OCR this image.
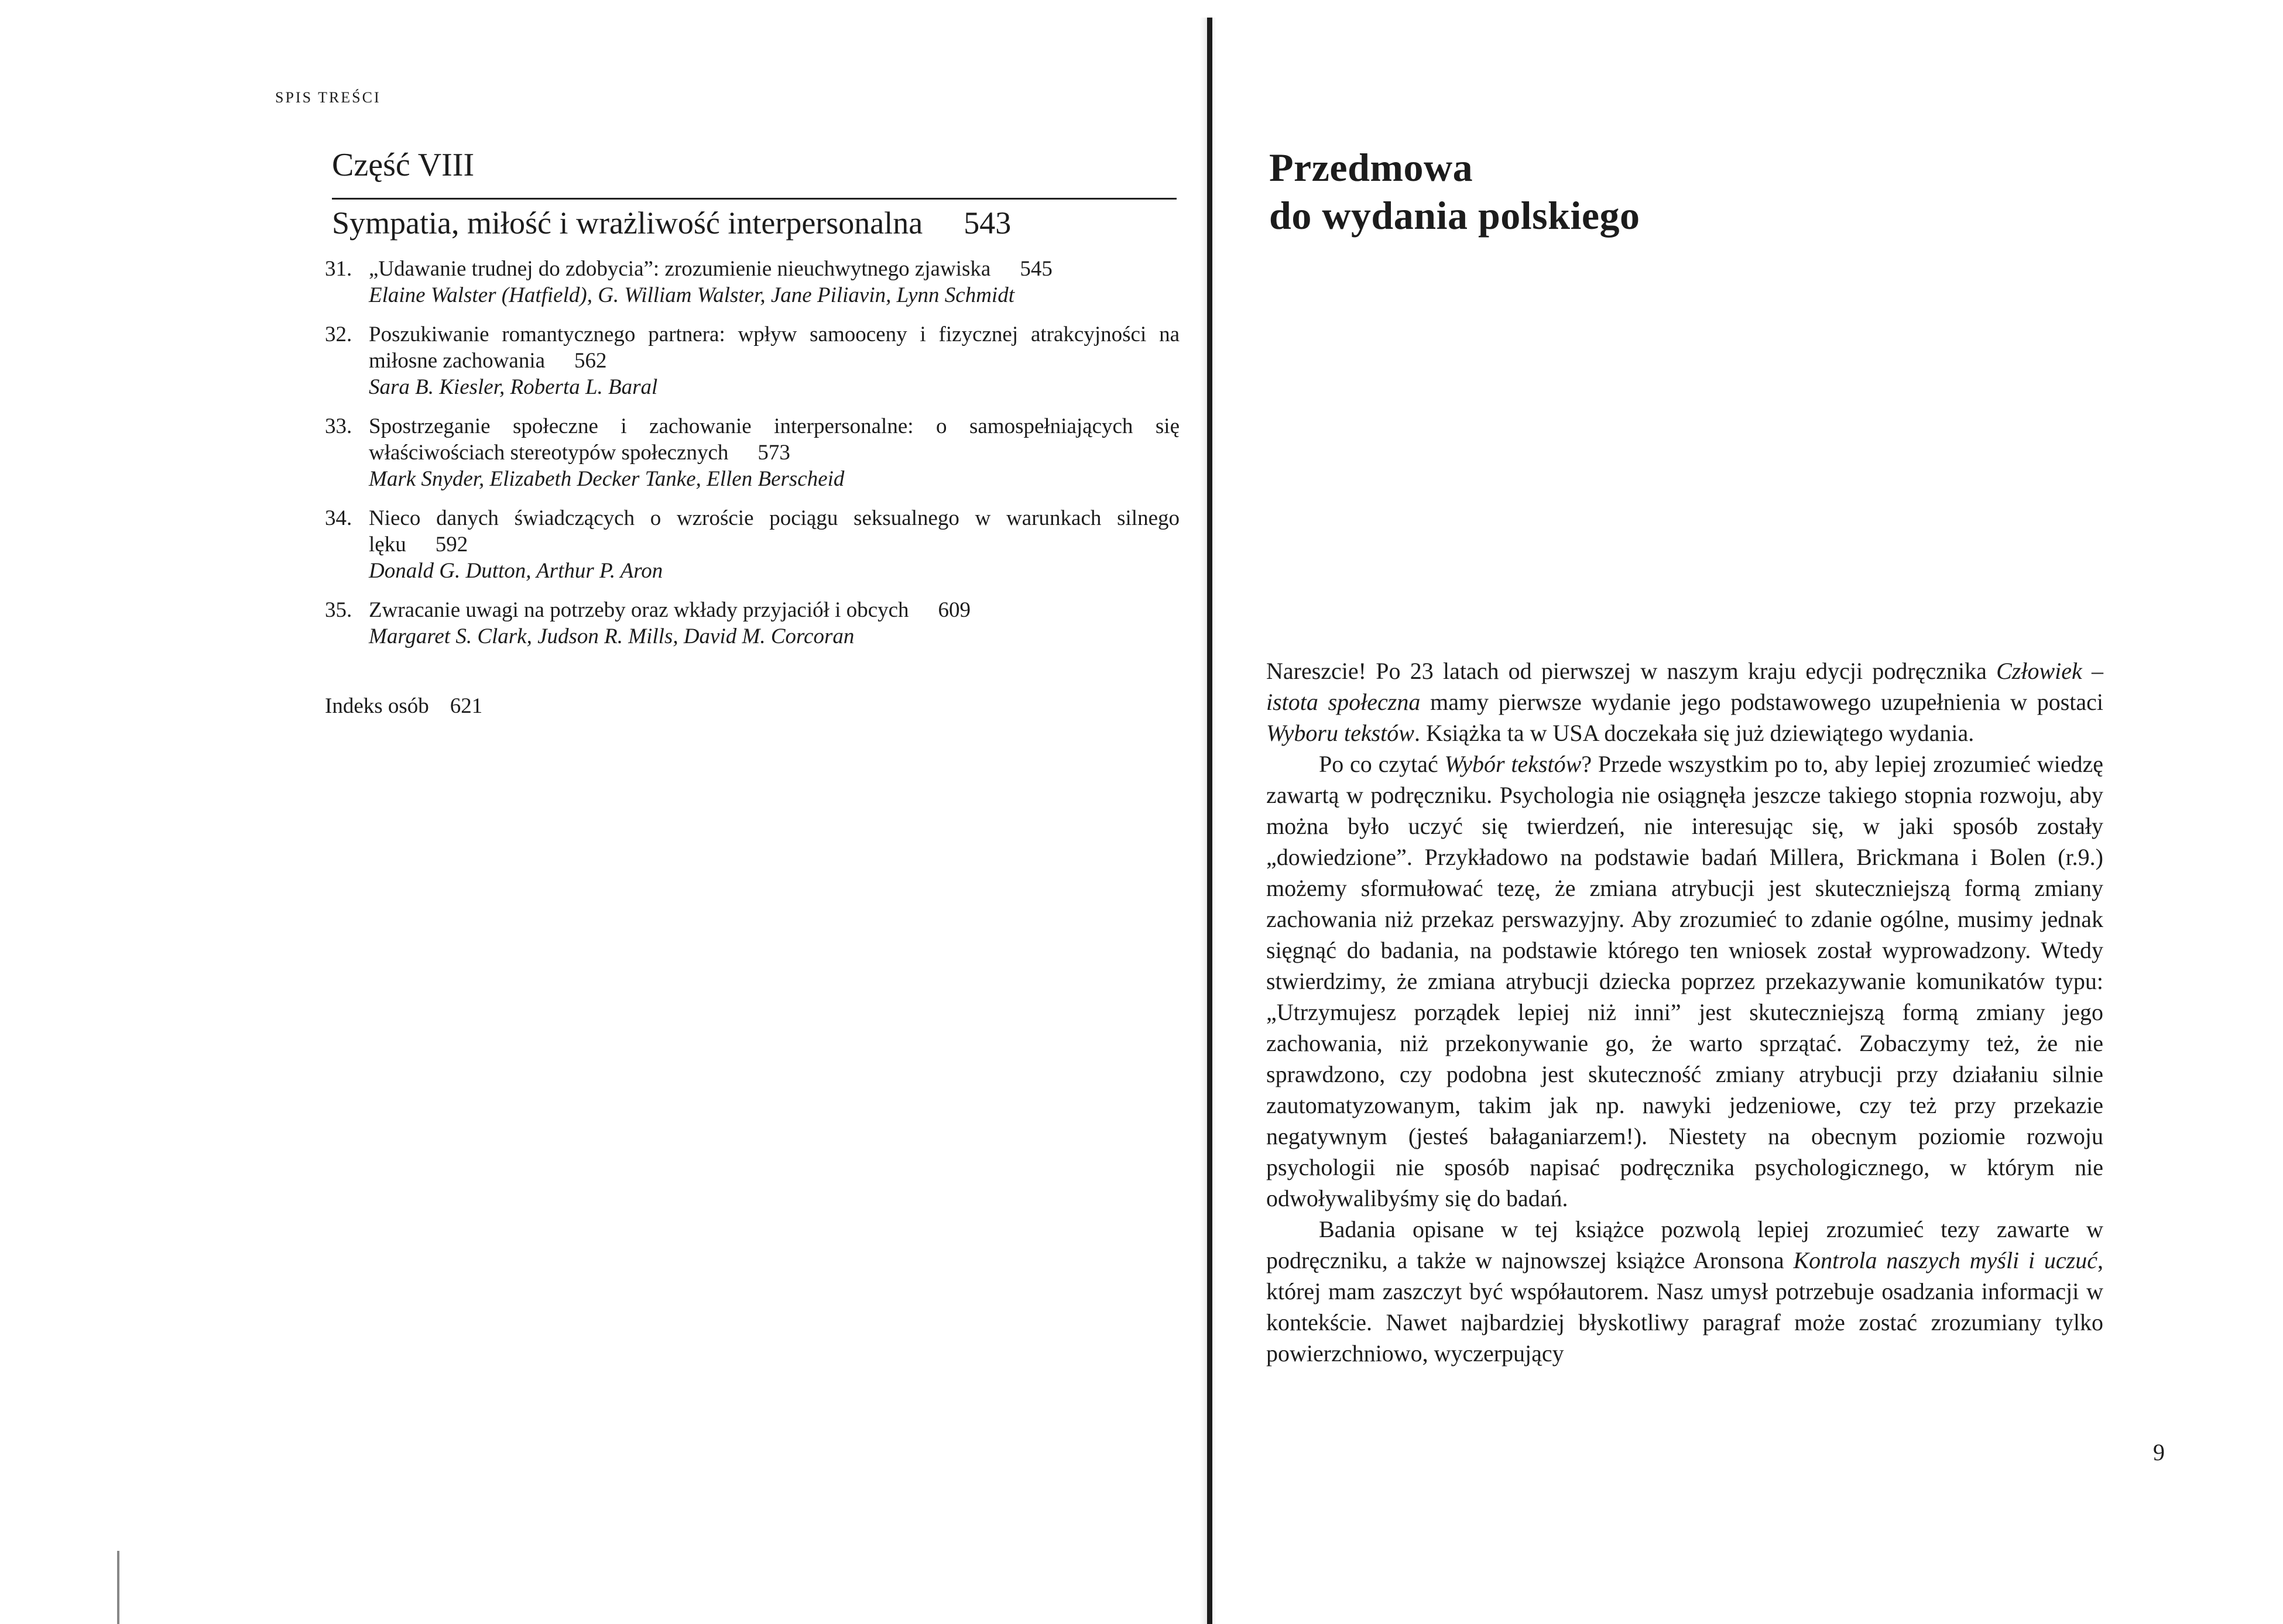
SPIS TREŚCI
Część VIII
Sympatia, miłość i wrażliwość interpersonalna 543
31. „Udawanie trudnej do zdobycia”: zrozumienie nieuchwytnego zjawiska 545
Elaine Walster (Hatfield), G. William Walster, Jane Piliavin, Lynn Schmidt
32. Poszukiwanie romantycznego partnera: wpływ samooceny i fizycznej atrakcyjności na miłosne zachowania 562
Sara B. Kiesler, Roberta L. Baral
33. Spostrzeganie społeczne i zachowanie interpersonalne: o samospełniających się właściwościach stereotypów społecznych 573
Mark Snyder, Elizabeth Decker Tanke, Ellen Berscheid
34. Nieco danych świadczących o wzroście pociągu seksualnego w warunkach silnego lęku 592
Donald G. Dutton, Arthur P. Aron
35. Zwracanie uwagi na potrzeby oraz wkłady przyjaciół i obcych 609
Margaret S. Clark, Judson R. Mills, David M. Corcoran
Indeks osób 621
Przedmowa
do wydania polskiego

Nareszcie! Po 23 latach od pierwszej w naszym kraju edycji podręcznika Człowiek – istota społeczna mamy pierwsze wydanie jego podstawowego uzupełnienia w postaci Wyboru tekstów. Książka ta w USA doczekała się już dziewiątego wydania.

Po co czytać Wybór tekstów? Przede wszystkim po to, aby lepiej zrozumieć wiedzę zawartą w podręczniku. Psychologia nie osiągnęła jeszcze takiego stopnia rozwoju, aby można było uczyć się twierdzeń, nie interesując się, w jaki sposób zostały „dowiedzione”. Przykładowo na podstawie badań Millera, Brickmana i Bolen (r.9.) możemy sformułować tezę, że zmiana atrybucji jest skuteczniejszą formą zmiany zachowania niż przekaz perswazyjny. Aby zrozumieć to zdanie ogólne, musimy jednak sięgnąć do badania, na podstawie którego ten wniosek został wyprowadzony. Wtedy stwierdzimy, że zmiana atrybucji dziecka poprzez przekazywanie komunikatów typu: „Utrzymujesz porządek lepiej niż inni” jest skuteczniejszą formą zmiany jego zachowania, niż przekonywanie go, że warto sprzątać. Zobaczymy też, że nie sprawdzono, czy podobna jest skuteczność zmiany atrybucji przy działaniu silnie zautomatyzowanym, takim jak np. nawyki jedzeniowe, czy też przy przekazie negatywnym (jesteś bałaganiarzem!). Niestety na obecnym poziomie rozwoju psychologii nie sposób napisać podręcznika psychologicznego, w którym nie odwoływalibyśmy się do badań.

Badania opisane w tej książce pozwolą lepiej zrozumieć tezy zawarte w podręczniku, a także w najnowszej książce Aronsona Kontrola naszych myśli i uczuć, której mam zaszczyt być współautorem. Nasz umysł potrzebuje osadzania informacji w kontekście. Nawet najbardziej błyskotliwy paragraf może zostać zrozumiany tylko powierzchniowo, wyczerpujący

9
